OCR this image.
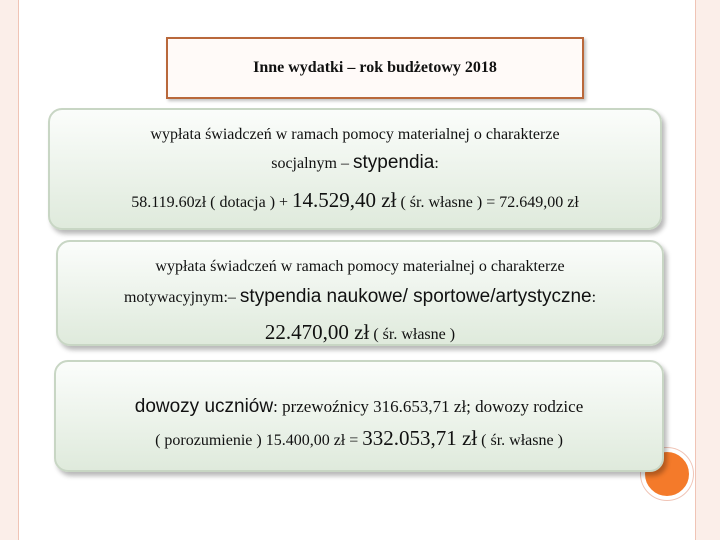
Inne wydatki – rok budżetowy 2018
wypłata świadczeń w ramach pomocy materialnej o charakterze
socjalnym – stypendia:
58.119.60zł ( dotacja ) + 14.529,40 zł ( śr. własne ) = 72.649,00 zł
wypłata świadczeń w ramach pomocy materialnej o charakterze
motywacyjnym:– stypendia naukowe/ sportowe/artystyczne:
22.470,00 zł ( śr. własne )
dowozy uczniów: przewoźnicy 316.653,71 zł; dowozy rodzice
( porozumienie ) 15.400,00 zł = 332.053,71 zł ( śr. własne )
